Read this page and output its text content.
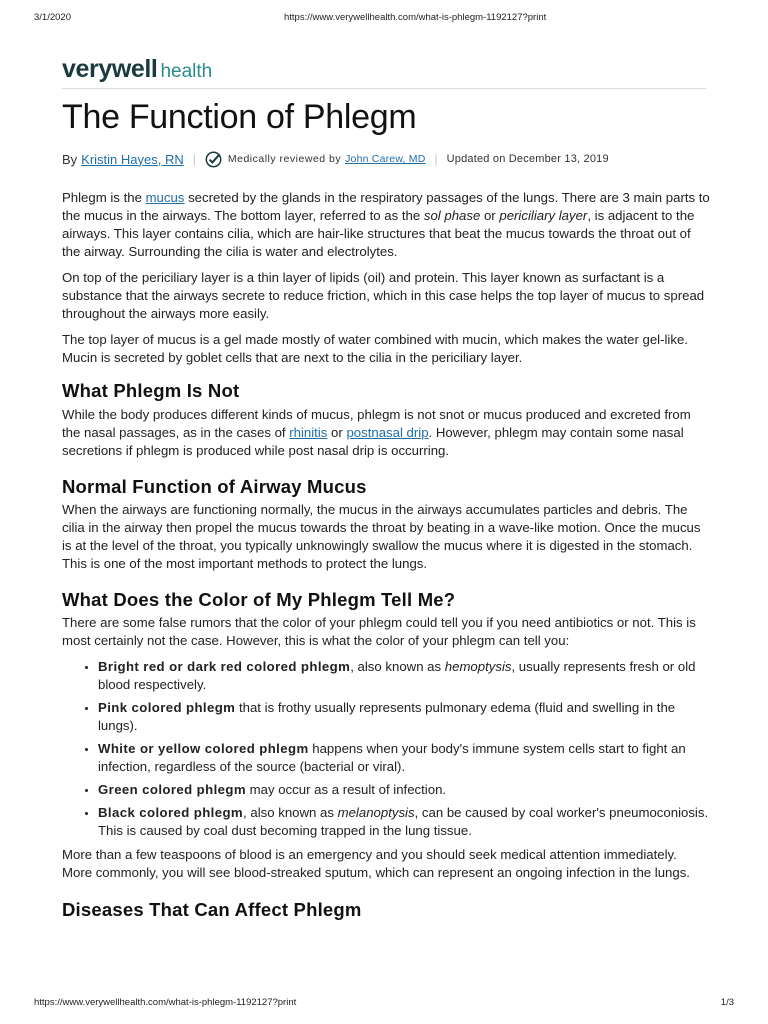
3/1/2020	https://www.verywellhealth.com/what-is-phlegm-1192127?print
verywell health
The Function of Phlegm
By Kristin Hayes, RN |	Medically reviewed by John Carew, MD | Updated on December 13, 2019

Phlegm is the mucus secreted by the glands in the respiratory passages of the lungs. There are 3 main parts to the mucus in the airways. The bottom layer, referred to as the sol phase or periciliary layer, is adjacent to the airways. This layer contains cilia, which are hair-like structures that beat the mucus towards the throat out of the airway. Surrounding the cilia is water and electrolytes.

On top of the periciliary layer is a thin layer of lipids (oil) and protein. This layer known as surfactant is a substance that the airways secrete to reduce friction, which in this case helps the top layer of mucus to spread throughout the airways more easily.

The top layer of mucus is a gel made mostly of water combined with mucin, which makes the water gel-like. Mucin is secreted by goblet cells that are next to the cilia in the periciliary layer.

What Phlegm Is Not

While the body produces different kinds of mucus, phlegm is not snot or mucus produced and excreted from the nasal passages, as in the cases of rhinitis or postnasal drip. However, phlegm may contain some nasal secretions if phlegm is produced while post nasal drip is occurring.

Normal Function of Airway Mucus

When the airways are functioning normally, the mucus in the airways accumulates particles and debris. The cilia in the airway then propel the mucus towards the throat by beating in a wave-like motion. Once the mucus is at the level of the throat, you typically unknowingly swallow the mucus where it is digested in the stomach. This is one of the most important methods to protect the lungs.

What Does the Color of My Phlegm Tell Me?

There are some false rumors that the color of your phlegm could tell you if you need antibiotics or not. This is most certainly not the case. However, this is what the color of your phlegm can tell you:

• Bright red or dark red colored phlegm, also known as hemoptysis, usually represents fresh or old blood respectively.
• Pink colored phlegm that is frothy usually represents pulmonary edema (fluid and swelling in the lungs).
• White or yellow colored phlegm happens when your body's immune system cells start to fight an infection, regardless of the source (bacterial or viral).
• Green colored phlegm may occur as a result of infection.
• Black colored phlegm, also known as melanoptysis, can be caused by coal worker's pneumoconiosis. This is caused by coal dust becoming trapped in the lung tissue.

More than a few teaspoons of blood is an emergency and you should seek medical attention immediately. More commonly, you will see blood-streaked sputum, which can represent an ongoing infection in the lungs.

Diseases That Can Affect Phlegm
https://www.verywellhealth.com/what-is-phlegm-1192127?print	1/3
